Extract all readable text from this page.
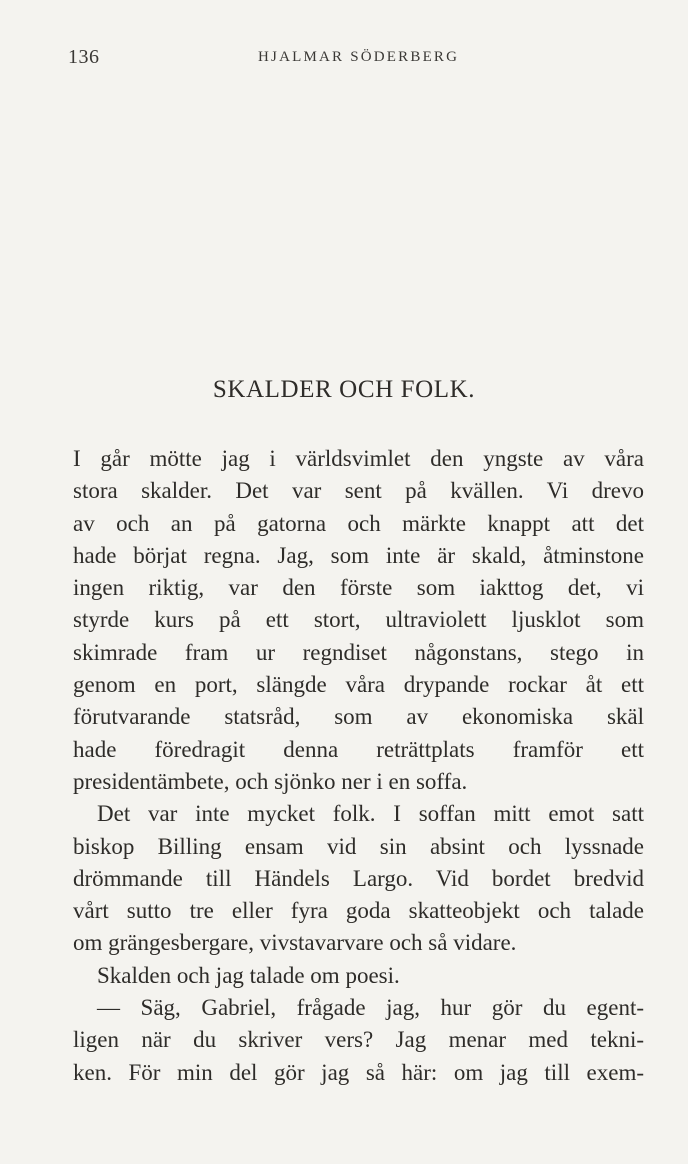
136	HJALMAR SÖDERBERG
SKALDER OCH FOLK.
I går mötte jag i världsvimlet den yngste av våra
stora skalder. Det var sent på kvällen. Vi drevo
av och an på gatorna och märkte knappt att det
hade börjat regna. Jag, som inte är skald, åtminstone
ingen riktig, var den förste som iakttog det, vi
styrde kurs på ett stort, ultraviolett ljusklot som
skimrade fram ur regndiset någonstans, stego in
genom en port, slängde våra drypande rockar åt ett
förutvarande statsråd, som av ekonomiska skäl
hade föredragit denna reträttplats framför ett
presidentämbete, och sjönko ner i en soffa.
Det var inte mycket folk. I soffan mitt emot satt
biskop Billing ensam vid sin absint och lyssnade
drömmande till Händels Largo. Vid bordet bredvid
vårt sutto tre eller fyra goda skatteobjekt och talade
om grängesbergare, vivstavarvare och så vidare.
Skalden och jag talade om poesi.
— Säg, Gabriel, frågade jag, hur gör du egent-
ligen när du skriver vers? Jag menar med tekni-
ken. För min del gör jag så här: om jag till exem-
